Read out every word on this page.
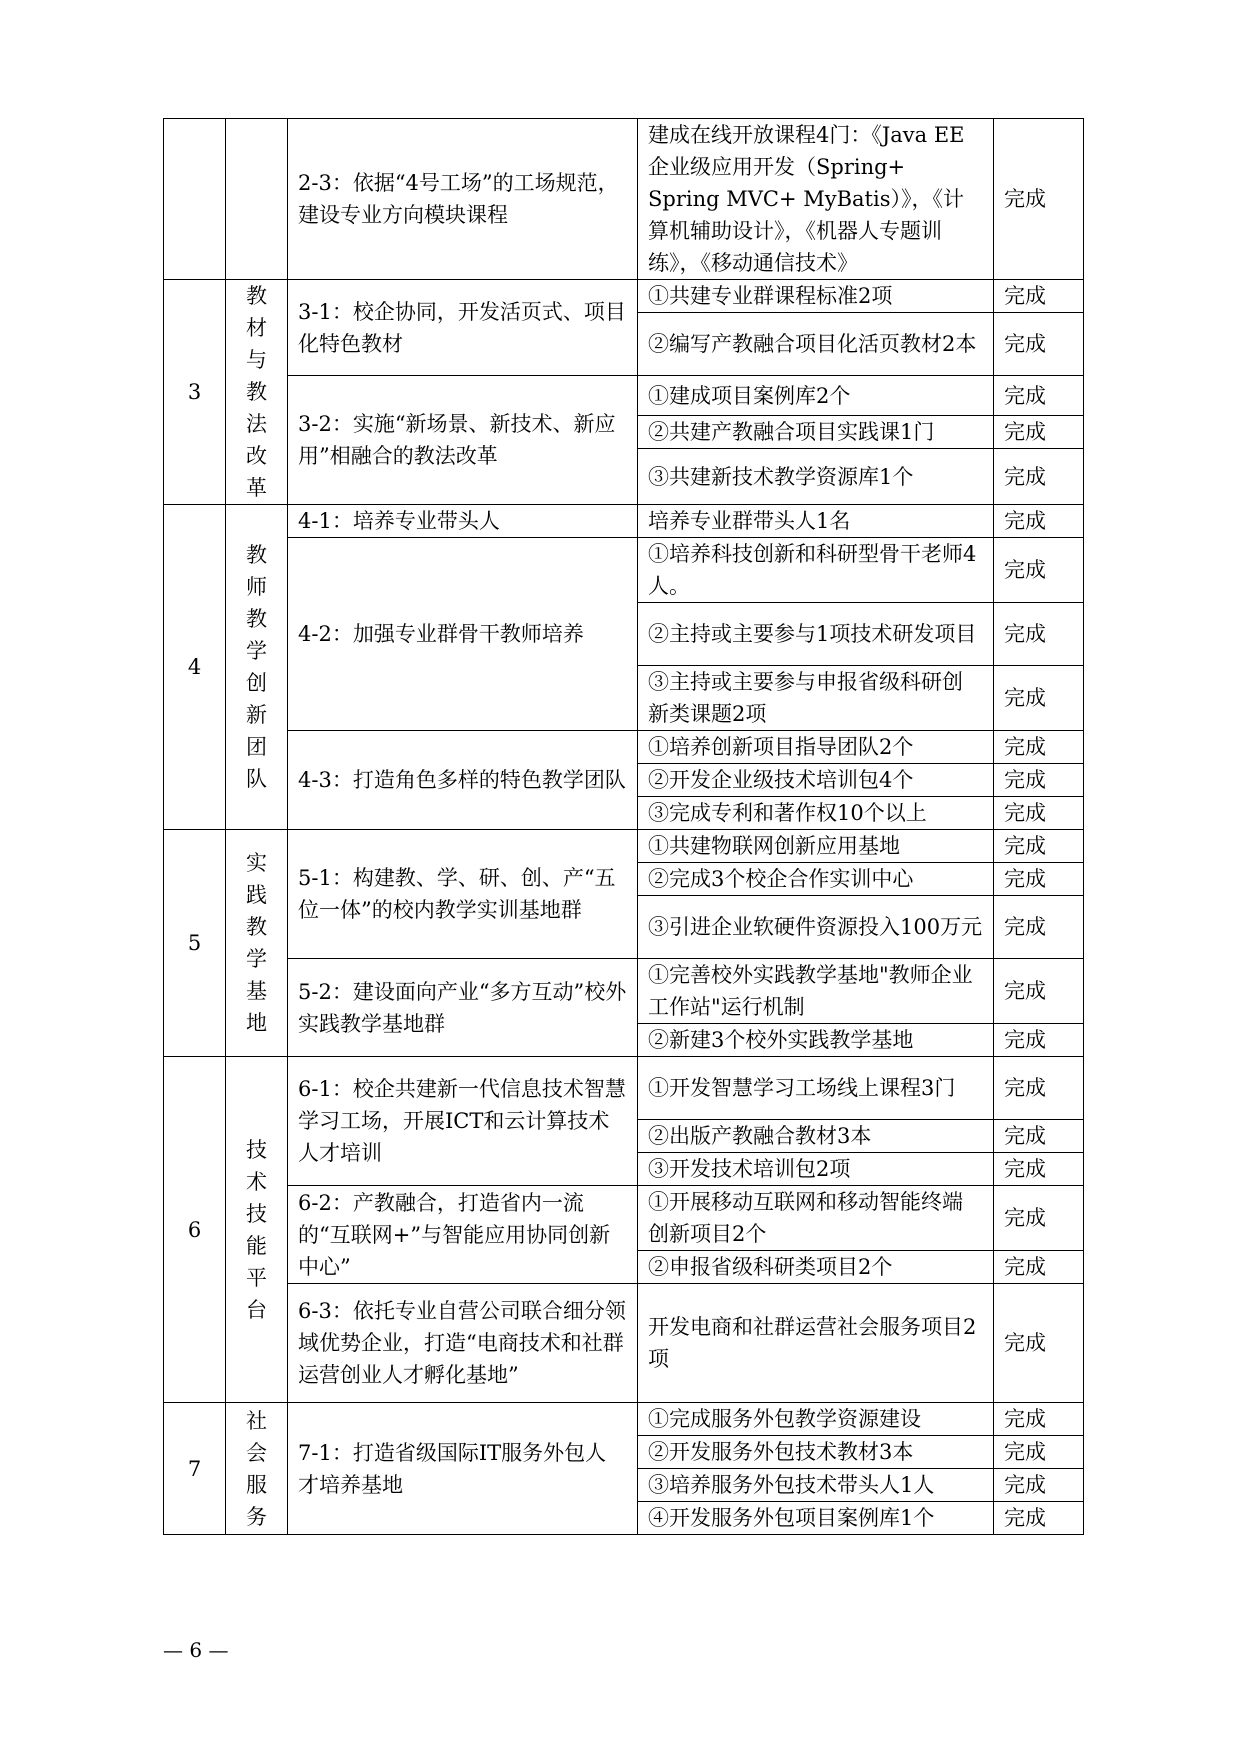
		2-3：依据“4号工场”的工场规范，建设专业方向模块课程	建成在线开放课程4门：《Java EE企业级应用开发（Spring+ Spring MVC+ MyBatis）》，《计算机辅助设计》，《机器人专题训练》，《移动通信技术》	完成
3	教材与教法改革	3-1：校企协同，开发活页式、项目化特色教材	①共建专业群课程标准2项	完成
			②编写产教融合项目化活页教材2本	完成
		3-2：实施“新场景、新技术、新应用”相融合的教法改革	①建成项目案例库2个	完成
			②共建产教融合项目实践课1门	完成
			③共建新技术教学资源库1个	完成
4	教师教学创新团队	4-1：培养专业带头人	培养专业群带头人1名	完成
		4-2：加强专业群骨干教师培养	①培养科技创新和科研型骨干老师4人。	完成
			②主持或主要参与1项技术研发项目	完成
			③主持或主要参与申报省级科研创新类课题2项	完成
		4-3：打造角色多样的特色教学团队	①培养创新项目指导团队2个	完成
			②开发企业级技术培训包4个	完成
			③完成专利和著作权10个以上	完成
5	实践教学基地	5-1：构建教、学、研、创、产“五位一体”的校内教学实训基地群	①共建物联网创新应用基地	完成
			②完成3个校企合作实训中心	完成
			③引进企业软硬件资源投入100万元	完成
		5-2：建设面向产业“多方互动”校外实践教学基地群	①完善校外实践教学基地"教师企业工作站"运行机制	完成
			②新建3个校外实践教学基地	完成
6	技术技能平台	6-1：校企共建新一代信息技术智慧学习工场，开展ICT和云计算技术人才培训	①开发智慧学习工场线上课程3门	完成
			②出版产教融合教材3本	完成
			③开发技术培训包2项	完成
		6-2：产教融合，打造省内一流的“互联网+”与智能应用协同创新中心”	①开展移动互联网和移动智能终端创新项目2个	完成
			②申报省级科研类项目2个	完成
		6-3：依托专业自营公司联合细分领域优势企业，打造“电商技术和社群运营创业人才孵化基地”	开发电商和社群运营社会服务项目2项	完成
7	社会服务	7-1：打造省级国际IT服务外包人才培养基地	①完成服务外包教学资源建设	完成
			②开发服务外包技术教材3本	完成
			③培养服务外包技术带头人1人	完成
			④开发服务外包项目案例库1个	完成
— 6 —
